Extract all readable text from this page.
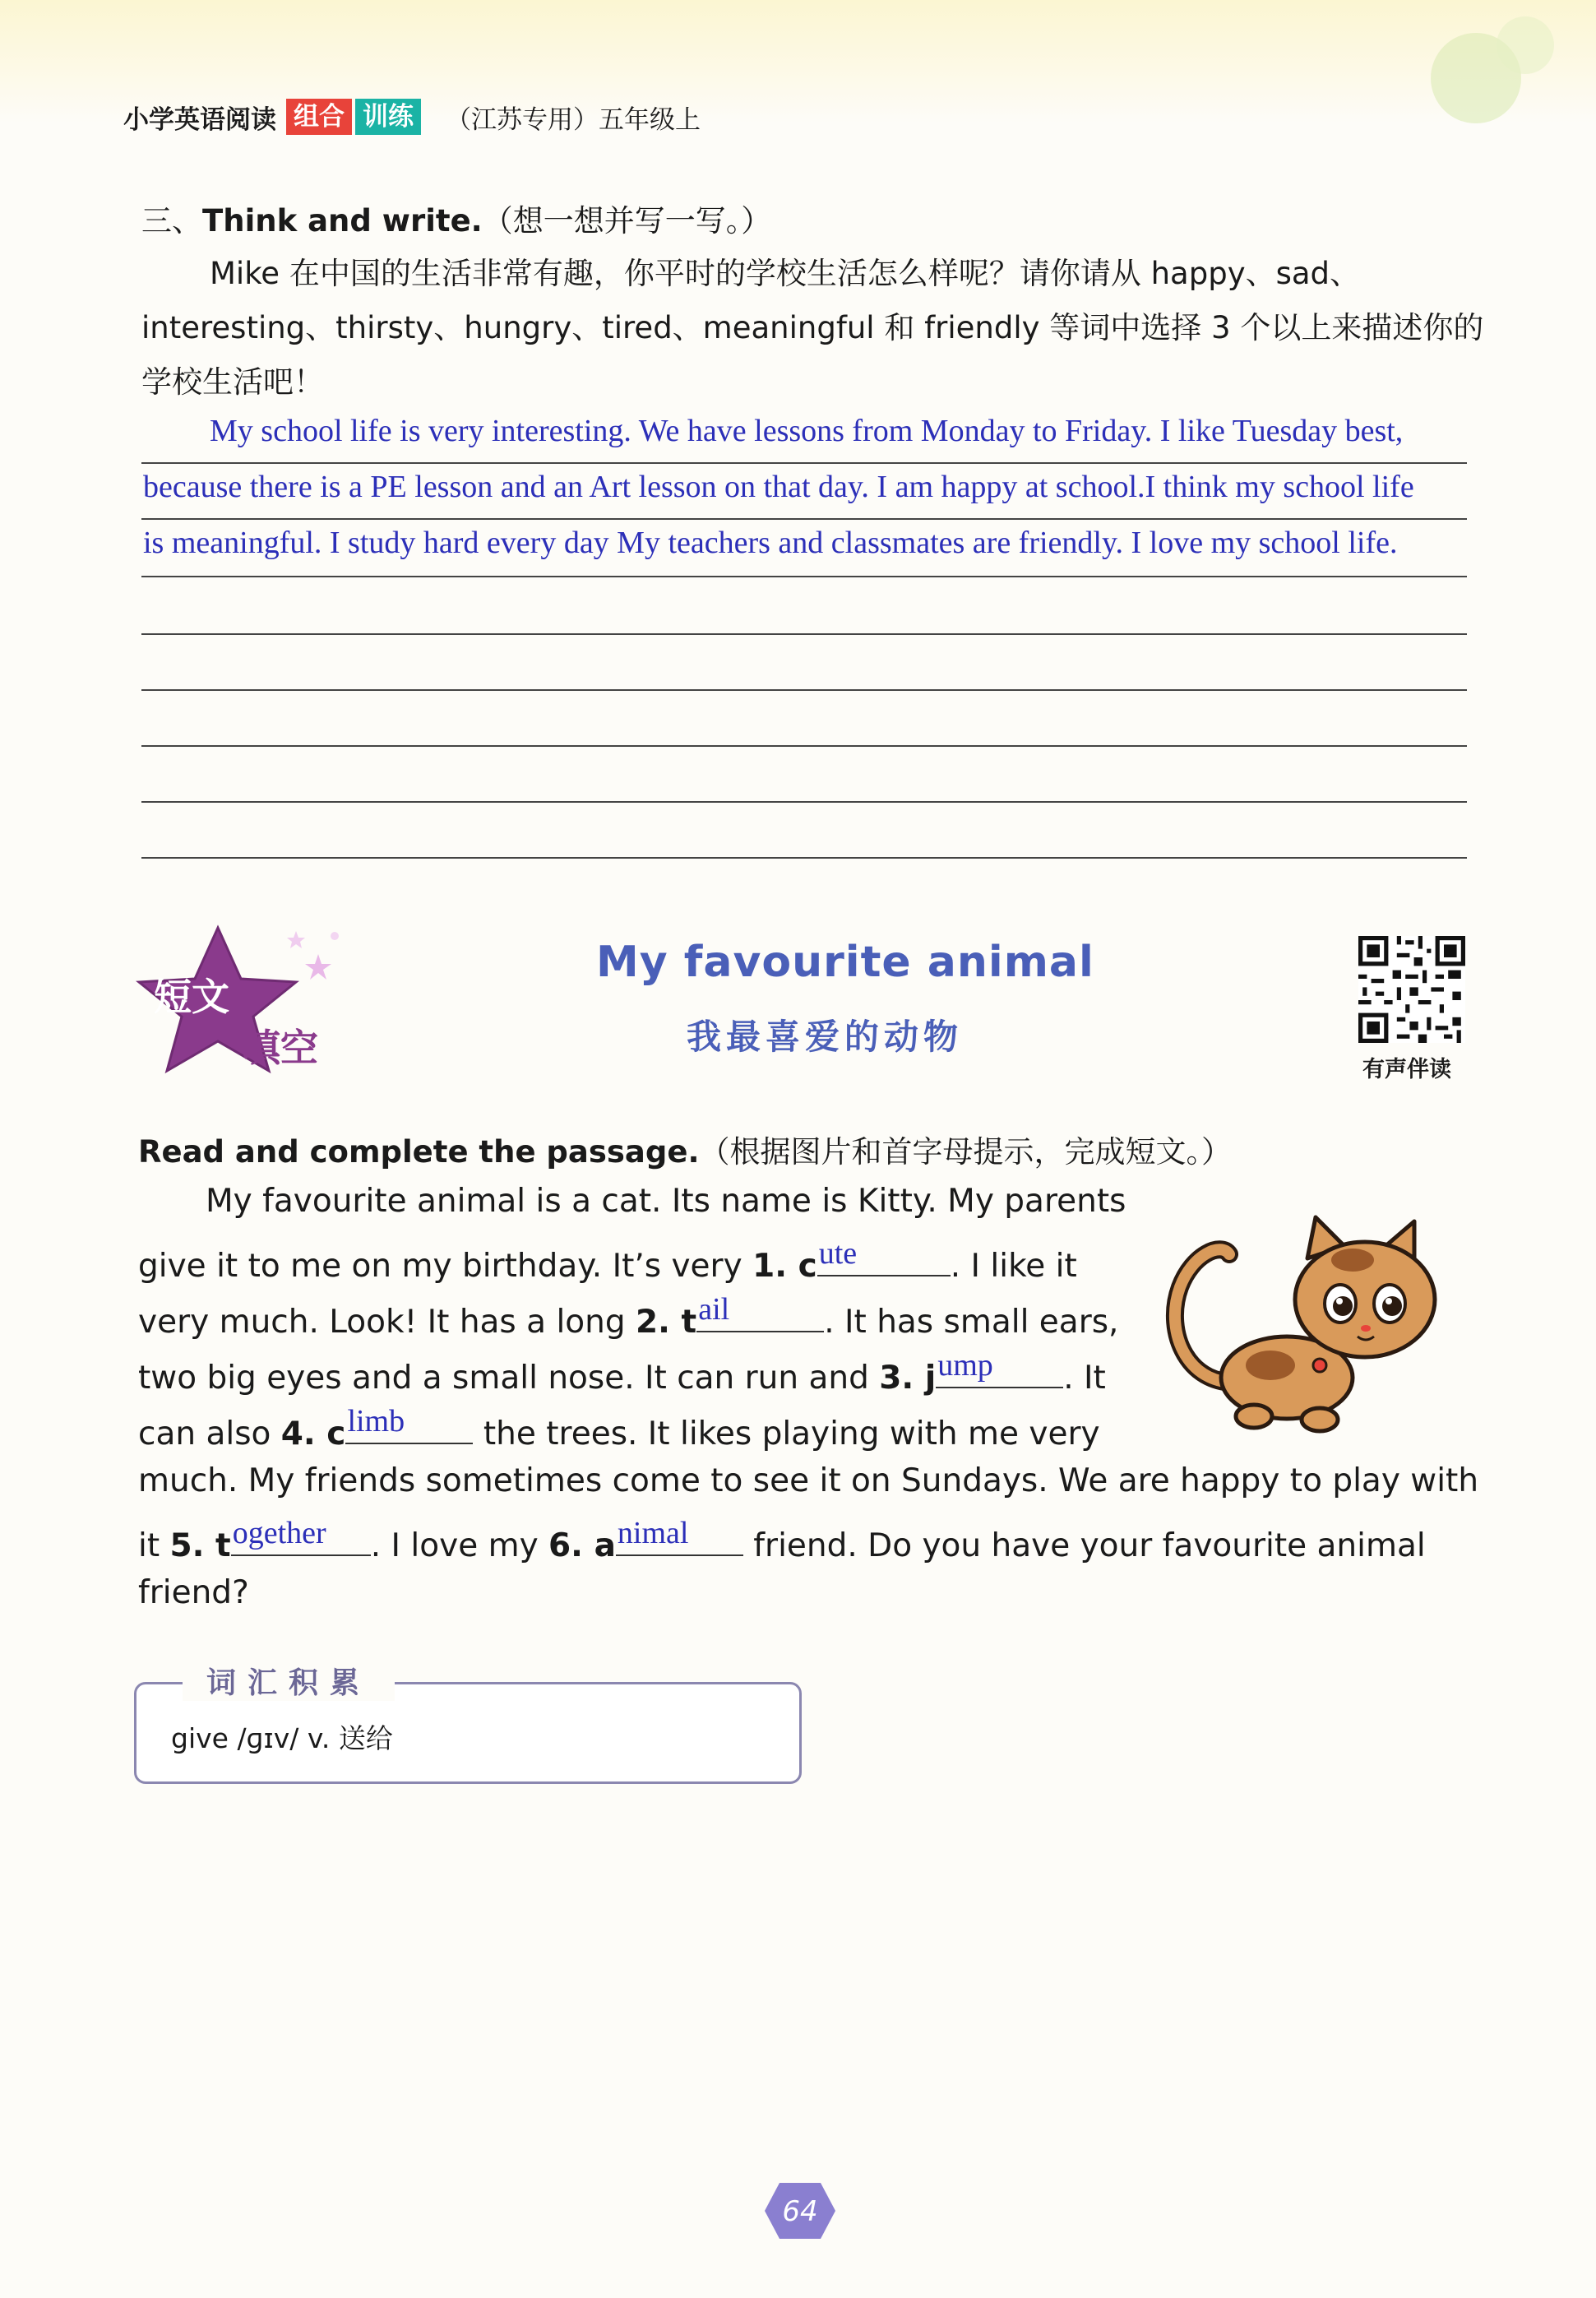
小学英语阅读 组合 训练 （江苏专用）五年级上
三、Think and write.（想一想并写一写。）
Mike 在中国的生活非常有趣，你平时的学校生活怎么样呢？请你请从 happy、sad、
interesting、thirsty、hungry、tired、meaningful 和 friendly 等词中选择 3 个以上来描述你的
学校生活吧！
My school life is very interesting. We have lessons from Monday to Friday. I like Tuesday best,
because there is a PE lesson and an Art lesson on that day. I am happy at school.I think my school life
is meaningful. I study hard every day My teachers and classmates are friendly. I love my school life.
短文
填空
My favourite animal
我最喜爱的动物
有声伴读
Read and complete the passage.（根据图片和首字母提示，完成短文。）
My favourite animal is a cat. Its name is Kitty. My parents
give it to me on my birthday. It’s very 1. c ute	. I like it
very much. Look! It has a long 2. t ail	. It has small ears,
two big eyes and a small nose. It can run and 3. j ump . It
can also 4. c limb the trees. It likes playing with me very
much. My friends sometimes come to see it on Sundays. We are happy to play with
it 5. t ogether . I love my 6. a nimal friend. Do you have your favourite animal
friend?
词汇积累
give /ɡɪv/ v. 送给
64
